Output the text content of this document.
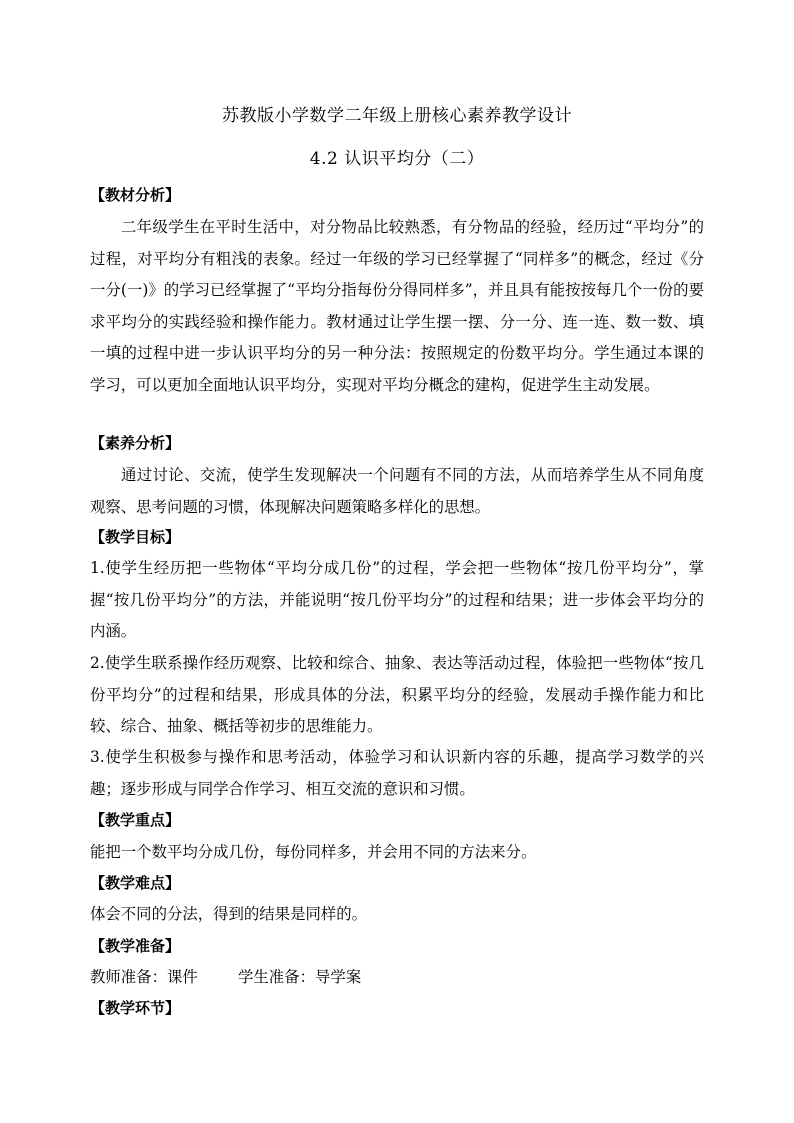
苏教版小学数学二年级上册核心素养教学设计
4.2 认识平均分（二）
【教材分析】

二年级学生在平时生活中，对分物品比较熟悉，有分物品的经验，经历过“平均分”的过程，对平均分有粗浅的表象。经过一年级的学习已经掌握了“同样多”的概念，经过《分一分(一)》的学习已经掌握了“平均分指每份分得同样多”，并且具有能按按每几个一份的要求平均分的实践经验和操作能力。教材通过让学生摆一摆、分一分、连一连、数一数、填一填的过程中进一步认识平均分的另一种分法：按照规定的份数平均分。学生通过本课的学习，可以更加全面地认识平均分，实现对平均分概念的建构，促进学生主动发展。

【素养分析】

通过讨论、交流，使学生发现解决一个问题有不同的方法，从而培养学生从不同角度观察、思考问题的习惯，体现解决问题策略多样化的思想。

【教学目标】

1.使学生经历把一些物体“平均分成几份”的过程，学会把一些物体“按几份平均分”，掌握“按几份平均分”的方法，并能说明“按几份平均分”的过程和结果；进一步体会平均分的内涵。

2.使学生联系操作经历观察、比较和综合、抽象、表达等活动过程，体验把一些物体“按几份平均分”的过程和结果，形成具体的分法，积累平均分的经验，发展动手操作能力和比较、综合、抽象、概括等初步的思维能力。

3.使学生积极参与操作和思考活动，体验学习和认识新内容的乐趣，提高学习数学的兴趣；逐步形成与同学合作学习、相互交流的意识和习惯。

【教学重点】
能把一个数平均分成几份，每份同样多，并会用不同的方法来分。
【教学难点】
体会不同的分法，得到的结果是同样的。
【教学准备】
教师准备：课件	学生准备：导学案
【教学环节】
